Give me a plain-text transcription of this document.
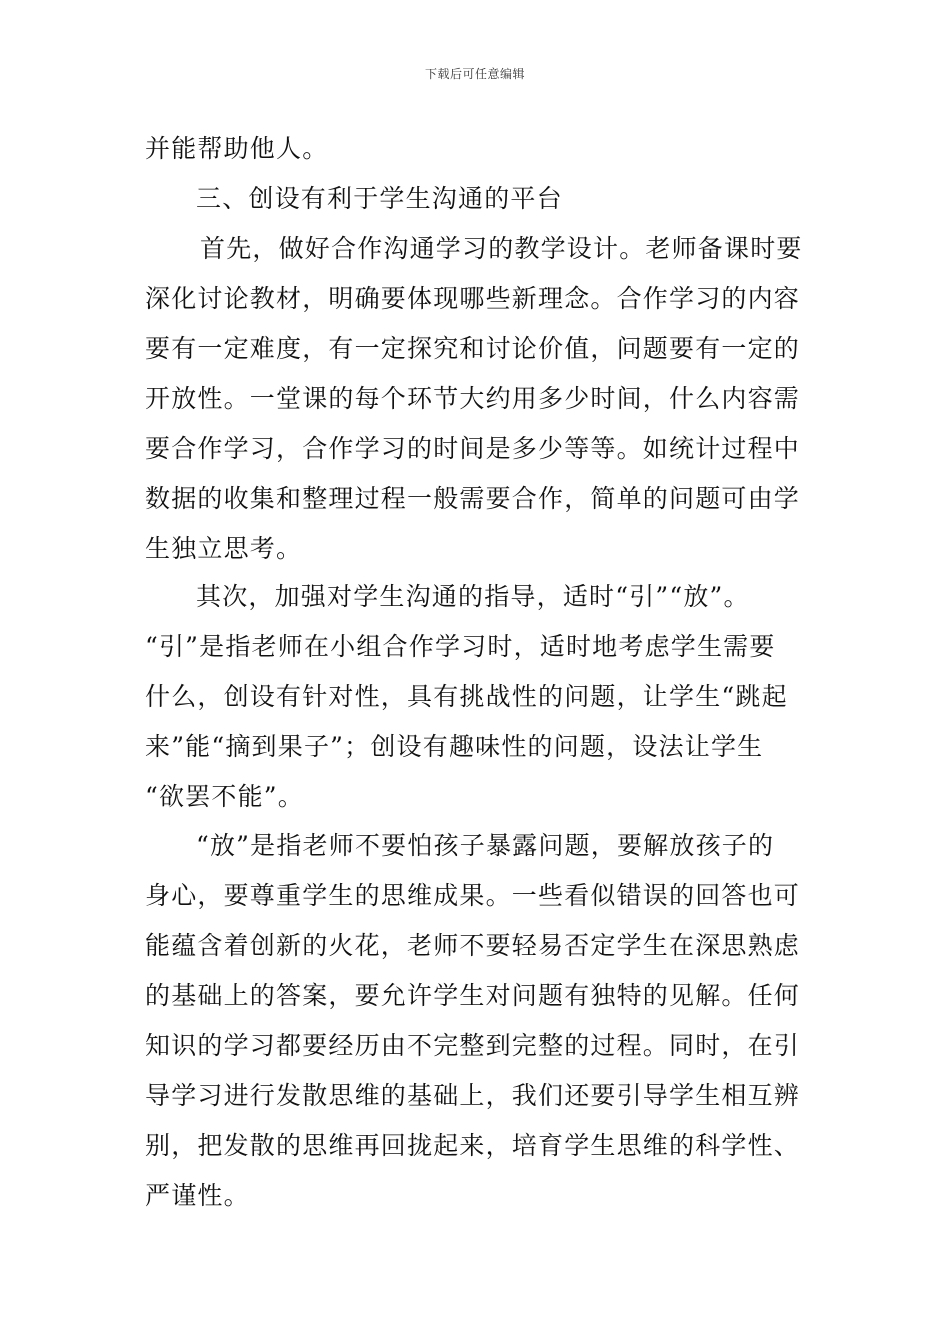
下载后可任意编辑
并能帮助他人。
三、创设有利于学生沟通的平台
首先，做好合作沟通学习的教学设计。老师备课时要
深化讨论教材，明确要体现哪些新理念。合作学习的内容
要有一定难度，有一定探究和讨论价值，问题要有一定的
开放性。一堂课的每个环节大约用多少时间，什么内容需
要合作学习，合作学习的时间是多少等等。如统计过程中
数据的收集和整理过程一般需要合作，简单的问题可由学
生独立思考。
其次，加强对学生沟通的指导，适时“引”“放”。
“引”是指老师在小组合作学习时，适时地考虑学生需要
什么，创设有针对性，具有挑战性的问题，让学生“跳起
来”能“摘到果子”；创设有趣味性的问题，设法让学生
“欲罢不能”。
“放”是指老师不要怕孩子暴露问题，要解放孩子的
身心，要尊重学生的思维成果。一些看似错误的回答也可
能蕴含着创新的火花，老师不要轻易否定学生在深思熟虑
的基础上的答案，要允许学生对问题有独特的见解。任何
知识的学习都要经历由不完整到完整的过程。同时，在引
导学习进行发散思维的基础上，我们还要引导学生相互辨
别，把发散的思维再回拢起来，培育学生思维的科学性、
严谨性。
